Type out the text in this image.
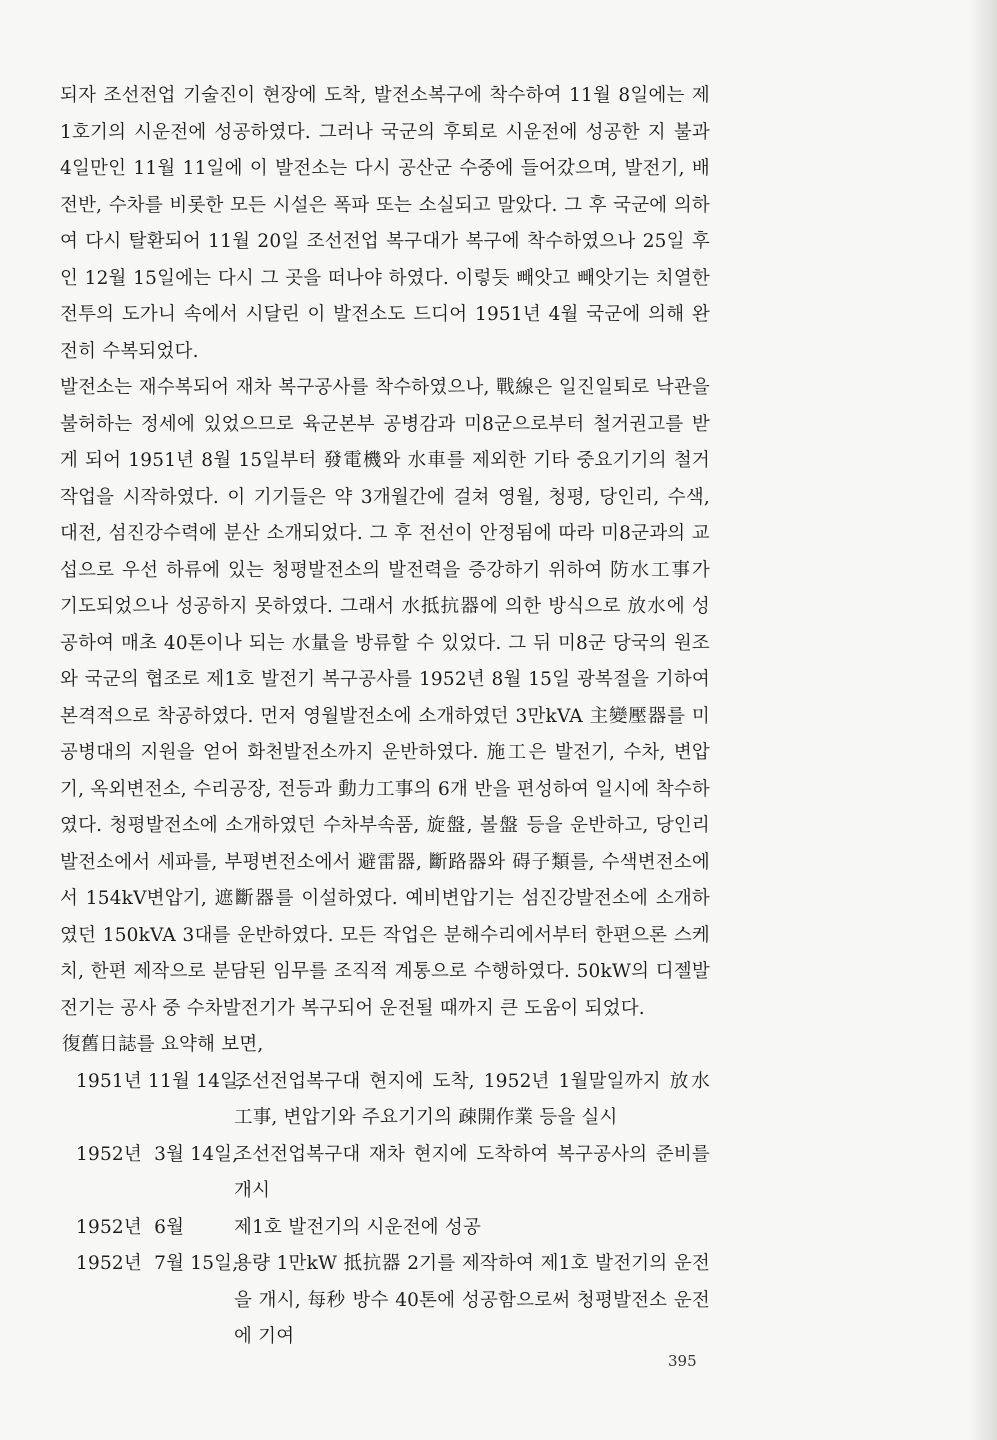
되자 조선전업 기술진이 현장에 도착, 발전소복구에 착수하여 11월 8일에는 제1호기의 시운전에 성공하였다. 그러나 국군의 후퇴로 시운전에 성공한 지 불과 4일만인 11월 11일에 이 발전소는 다시 공산군 수중에 들어갔으며, 발전기, 배전반, 수차를 비롯한 모든 시설은 폭파 또는 소실되고 말았다. 그 후 국군에 의하여 다시 탈환되어 11월 20일 조선전업 복구대가 복구에 착수하였으나 25일 후인 12월 15일에는 다시 그 곳을 떠나야 하였다. 이렇듯 빼앗고 빼앗기는 치열한 전투의 도가니 속에서 시달린 이 발전소도 드디어 1951년 4월 국군에 의해 완전히 수복되었다.

발전소는 재수복되어 재차 복구공사를 착수하였으나, 戰線은 일진일퇴로 낙관을 불허하는 정세에 있었으므로 육군본부 공병감과 미8군으로부터 철거권고를 받게 되어 1951년 8월 15일부터 發電機와 水車를 제외한 기타 중요기기의 철거작업을 시작하였다. 이 기기들은 약 3개월간에 걸쳐 영월, 청평, 당인리, 수색, 대전, 섬진강수력에 분산 소개되었다. 그 후 전선이 안정됨에 따라 미8군과의 교섭으로 우선 하류에 있는 청평발전소의 발전력을 증강하기 위하여 防水工事가 기도되었으나 성공하지 못하였다. 그래서 水抵抗器에 의한 방식으로 放水에 성공하여 매초 40톤이나 되는 水量을 방류할 수 있었다. 그 뒤 미8군 당국의 원조와 국군의 협조로 제1호 발전기 복구공사를 1952년 8월 15일 광복절을 기하여 본격적으로 착공하였다. 먼저 영월발전소에 소개하였던 3만kVA 主變壓器를 미공병대의 지원을 얻어 화천발전소까지 운반하였다. 施工은 발전기, 수차, 변압기, 옥외변전소, 수리공장, 전등과 動力工事의 6개 반을 편성하여 일시에 착수하였다. 청평발전소에 소개하였던 수차부속품, 旋盤, 볼盤 등을 운반하고, 당인리발전소에서 세파를, 부평변전소에서 避雷器, 斷路器와 碍子類를, 수색변전소에서 154kV변압기, 遮斷器를 이설하였다. 예비변압기는 섬진강발전소에 소개하였던 150kVA 3대를 운반하였다. 모든 작업은 분해수리에서부터 한편으론 스케치, 한편 제작으로 분담된 임무를 조직적 계통으로 수행하였다. 50kW의 디젤발전기는 공사 중 수차발전기가 복구되어 운전될 때까지 큰 도움이 되었다.

復舊日誌를 요약해 보면,

1951년 11월 14일,
조선전업복구대 현지에 도착, 1952년 1월말일까지 放水工事, 변압기와 주요기기의 疎開作業 등을 실시
1952년  3월 14일,
조선전업복구대 재차 현지에 도착하여 복구공사의 준비를 개시
1952년  6월	제1호 발전기의 시운전에 성공
1952년  7월 15일,
용량 1만kW 抵抗器 2기를 제작하여 제1호 발전기의 운전을 개시, 每秒 방수 40톤에 성공함으로써 청평발전소 운전에 기여
395
